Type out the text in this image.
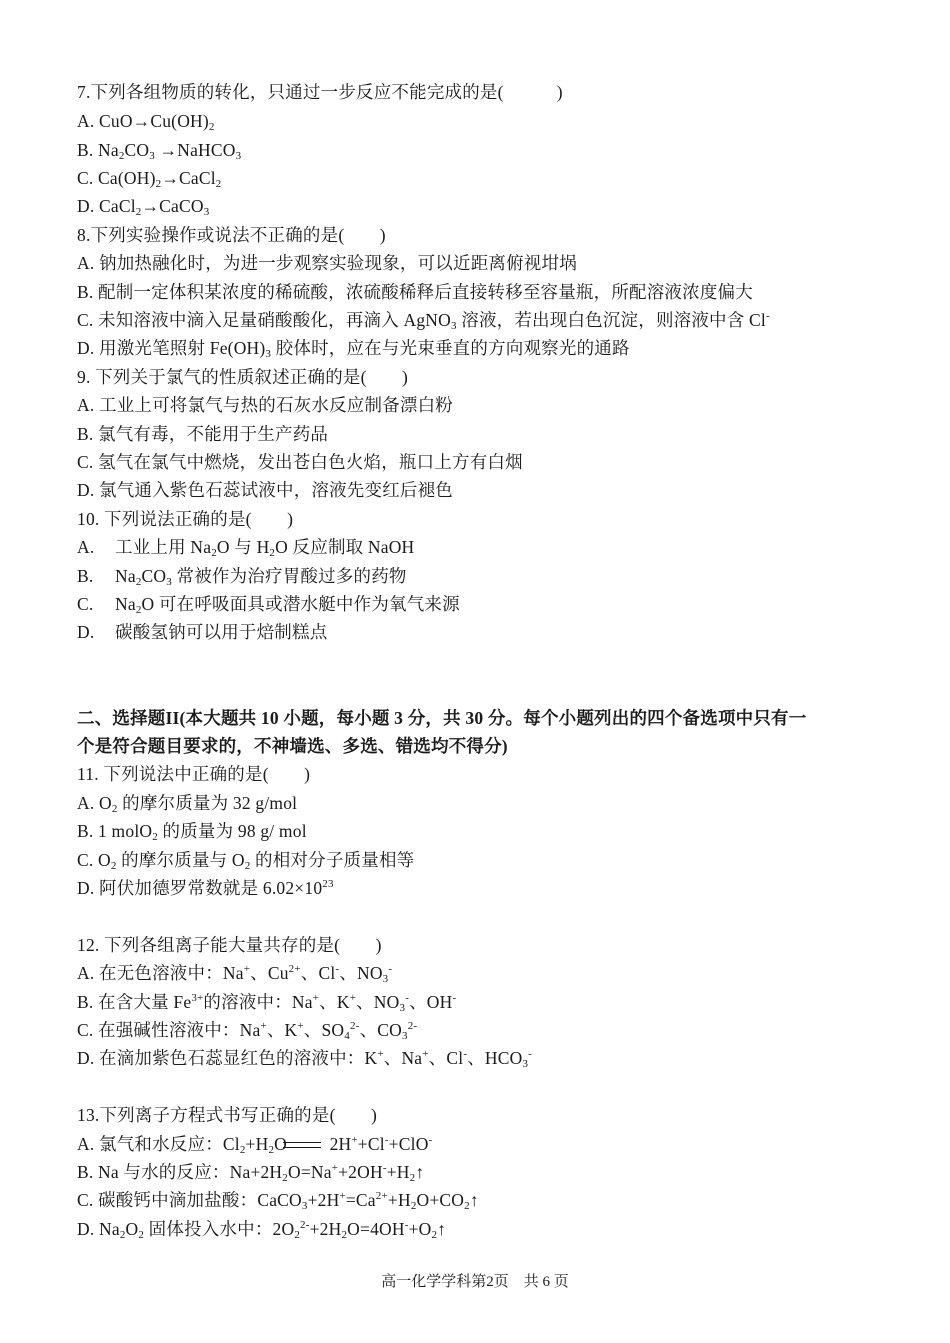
7.下列各组物质的转化，只通过一步反应不能完成的是(　　　)
A. $CuO\to Cu(OH)_2$
B. $Na_2CO_3$ →NaHCO$_3$
C. $Ca(OH)_2\to CaCl_2$
D. CaCl$_2$→CaCO$_3$
8.下列实验操作或说法不正确的是(　　)
A. 钠加热融化时，为进一步观察实验现象，可以近距离俯视坩埚
B. 配制一定体积某浓度的稀硫酸，浓硫酸稀释后直接转移至容量瓶，所配溶液浓度偏大
C. 未知溶液中滴入足量硝酸酸化，再滴入 AgNO$_3$ 溶液，若出现白色沉淀，则溶液中含 Cl-
D. 用激光笔照射 $Fe(OH)_3$ 胶体时，应在与光束垂直的方向观察光的通路
9. 下列关于氯气的性质叙述正确的是(　　)
A. 工业上可将氯气与热的石灰水反应制备漂白粉
B. 氯气有毒，不能用于生产药品
C. 氢气在氯气中燃烧，发出苍白色火焰，瓶口上方有白烟
D. 氯气通入紫色石蕊试液中，溶液先变红后褪色
10. 下列说法正确的是(　　)
A. 工业上用 $Na_2O$ 与 $H_2O$ 反应制取 NaOH
B. $Na_2CO_3$ 常被作为治疗胃酸过多的药物
C. $Na_2O$ 可在呼吸面具或潜水艇中作为氧气来源
D. 碳酸氢钠可以用于焙制糕点
二、选择题II(本大题共 10 小题，每小题 3 分，共 30 分。每个小题列出的四个备选项中只有一
个是符合题目要求的，不神墙选、多选、错选均不得分)
11. 下列说法中正确的是(　　)
A. $O_2$ 的摩尔质量为 32 g/mol
B. 1 molO$_2$ 的质量为 98 g/ mol
C. $O_2$ 的摩尔质量与 $O_2$ 的相对分子质量相等
D. 阿伏加德罗常数就是 $6.02\times 10^{23}$
12. 下列各组离子能大量共存的是(　　)
A. 在无色溶液中：Na+、$Cu^{2+}$、Cl-、$NO_3^-$
B. 在含大量 $Fe^{3+}$的溶液中：Na+、K+、$NO_3^-$、OH-
C. 在强碱性溶液中：Na+、K+、$SO_4^{2-}$、$CO_3^{2-}$
D. 在滴加紫色石蕊显红色的溶液中：K+、Na+、Cl-、$HCO_3^-$
13.下列离子方程式书写正确的是(　　)
A. 氯气和水反应：$Cl_2+H_2O$
2H++Cl-+ClO-
B. Na 与水的反应：$Na+2H_2O=Na^++2OH^-+H_2↑$
C. 碳酸钙中滴加盐酸：$CaCO_3+2H^+=Ca^{2+}+H_2O+CO_2↑$
D. $Na_2O_2$ 固体投入水中：$2O_2^{2-}+2H_2O=4OH^-+O_2↑$
高一化学学科第2页　共 6 页
